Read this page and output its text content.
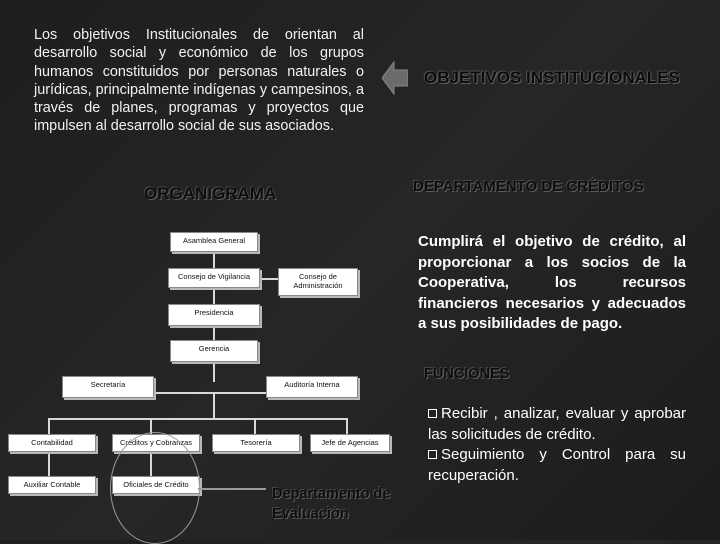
Los objetivos Institucionales de orientan al desarrollo social y económico de los grupos humanos constituidos por personas naturales o jurídicas, principalmente indígenas y campesinos, a través de planes, programas y proyectos que impulsen al desarrollo social de sus asociados.
OBJETIVOS INSTITUCIONALES
ORGANIGRAMA	DEPARTAMENTO DE CRÉDITOS
Cumplirá el objetivo de crédito, al proporcionar a los socios de la Cooperativa, los recursos financieros necesarios y adecuados a sus posibilidades de pago.
FUNCIONES
Recibir , analizar, evaluar y aprobar las solicitudes de crédito.
Seguimiento y Control para su recuperación.
Asamblea General
Consejo de Vigilancia	Consejo de Administración
Presidencia
Gerencia
Secretaría	Auditoría Interna
Contabilidad	Créditos y Cobranzas	Tesorería	Jefe de Agencias
Auxiliar Contable	Oficiales de Crédito
Departamento de Evaluación
